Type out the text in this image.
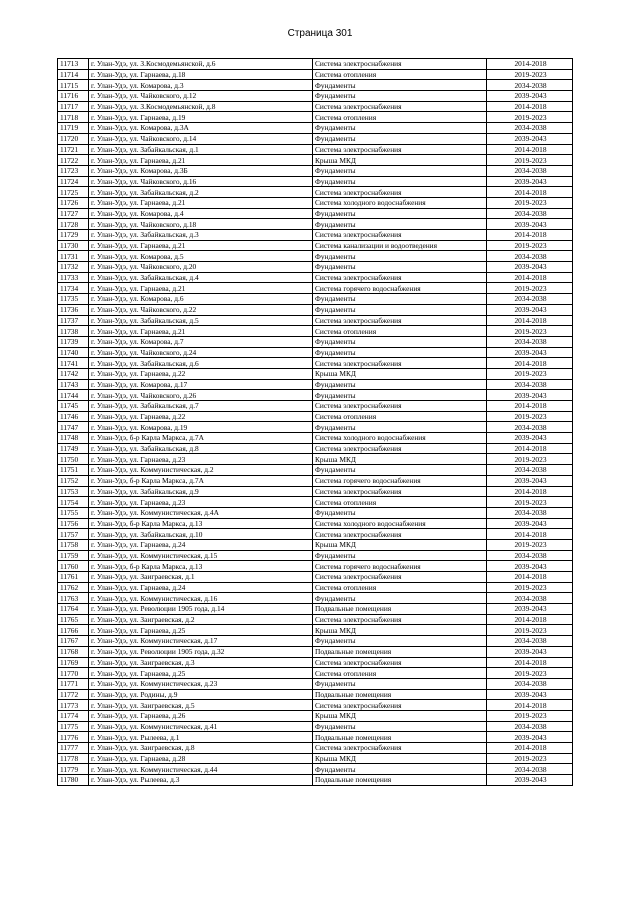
Страница 301
11713	г. Улан-Удэ, ул. З.Космодемьянской, д.6	Система электроснабжения	2014-2018
11714	г. Улан-Удэ, ул. Гарнаева, д.18	Система отопления	2019-2023
11715	г. Улан-Удэ, ул. Комарова, д.3	Фундаменты	2034-2038
11716	г. Улан-Удэ, ул. Чайковского, д.12	Фундаменты	2039-2043
11717	г. Улан-Удэ, ул. З.Космодемьянской, д.8	Система электроснабжения	2014-2018
11718	г. Улан-Удэ, ул. Гарнаева, д.19	Система отопления	2019-2023
11719	г. Улан-Удэ, ул. Комарова, д.3А	Фундаменты	2034-2038
11720	г. Улан-Удэ, ул. Чайковского, д.14	Фундаменты	2039-2043
11721	г. Улан-Удэ, ул. Забайкальская, д.1	Система электроснабжения	2014-2018
11722	г. Улан-Удэ, ул. Гарнаева, д.21	Крыша МКД	2019-2023
11723	г. Улан-Удэ, ул. Комарова, д.3Б	Фундаменты	2034-2038
11724	г. Улан-Удэ, ул. Чайковского, д.16	Фундаменты	2039-2043
11725	г. Улан-Удэ, ул. Забайкальская, д.2	Система электроснабжения	2014-2018
11726	г. Улан-Удэ, ул. Гарнаева, д.21	Система холодного водоснабжения	2019-2023
11727	г. Улан-Удэ, ул. Комарова, д.4	Фундаменты	2034-2038
11728	г. Улан-Удэ, ул. Чайковского, д.18	Фундаменты	2039-2043
11729	г. Улан-Удэ, ул. Забайкальская, д.3	Система электроснабжения	2014-2018
11730	г. Улан-Удэ, ул. Гарнаева, д.21	Система канализации и водоотведения	2019-2023
11731	г. Улан-Удэ, ул. Комарова, д.5	Фундаменты	2034-2038
11732	г. Улан-Удэ, ул. Чайковского, д.20	Фундаменты	2039-2043
11733	г. Улан-Удэ, ул. Забайкальская, д.4	Система электроснабжения	2014-2018
11734	г. Улан-Удэ, ул. Гарнаева, д.21	Система горячего водоснабжения	2019-2023
11735	г. Улан-Удэ, ул. Комарова, д.6	Фундаменты	2034-2038
11736	г. Улан-Удэ, ул. Чайковского, д.22	Фундаменты	2039-2043
11737	г. Улан-Удэ, ул. Забайкальская, д.5	Система электроснабжения	2014-2018
11738	г. Улан-Удэ, ул. Гарнаева, д.21	Система отопления	2019-2023
11739	г. Улан-Удэ, ул. Комарова, д.7	Фундаменты	2034-2038
11740	г. Улан-Удэ, ул. Чайковского, д.24	Фундаменты	2039-2043
11741	г. Улан-Удэ, ул. Забайкальская, д.6	Система электроснабжения	2014-2018
11742	г. Улан-Удэ, ул. Гарнаева, д.22	Крыша МКД	2019-2023
11743	г. Улан-Удэ, ул. Комарова, д.17	Фундаменты	2034-2038
11744	г. Улан-Удэ, ул. Чайковского, д.26	Фундаменты	2039-2043
11745	г. Улан-Удэ, ул. Забайкальская, д.7	Система электроснабжения	2014-2018
11746	г. Улан-Удэ, ул. Гарнаева, д.22	Система отопления	2019-2023
11747	г. Улан-Удэ, ул. Комарова, д.19	Фундаменты	2034-2038
11748	г. Улан-Удэ, б-р Карла Маркса, д.7А	Система холодного водоснабжения	2039-2043
11749	г. Улан-Удэ, ул. Забайкальская, д.8	Система электроснабжения	2014-2018
11750	г. Улан-Удэ, ул. Гарнаева, д.23	Крыша МКД	2019-2023
11751	г. Улан-Удэ, ул. Коммунистическая, д.2	Фундаменты	2034-2038
11752	г. Улан-Удэ, б-р Карла Маркса, д.7А	Система горячего водоснабжения	2039-2043
11753	г. Улан-Удэ, ул. Забайкальская, д.9	Система электроснабжения	2014-2018
11754	г. Улан-Удэ, ул. Гарнаева, д.23	Система отопления	2019-2023
11755	г. Улан-Удэ, ул. Коммунистическая, д.4А	Фундаменты	2034-2038
11756	г. Улан-Удэ, б-р Карла Маркса, д.13	Система холодного водоснабжения	2039-2043
11757	г. Улан-Удэ, ул. Забайкальская, д.10	Система электроснабжения	2014-2018
11758	г. Улан-Удэ, ул. Гарнаева, д.24	Крыша МКД	2019-2023
11759	г. Улан-Удэ, ул. Коммунистическая, д.15	Фундаменты	2034-2038
11760	г. Улан-Удэ, б-р Карла Маркса, д.13	Система горячего водоснабжения	2039-2043
11761	г. Улан-Удэ, ул. Заиграевская, д.1	Система электроснабжения	2014-2018
11762	г. Улан-Удэ, ул. Гарнаева, д.24	Система отопления	2019-2023
11763	г. Улан-Удэ, ул. Коммунистическая, д.16	Фундаменты	2034-2038
11764	г. Улан-Удэ, ул. Революции 1905 года, д.14	Подвальные помещения	2039-2043
11765	г. Улан-Удэ, ул. Заиграевская, д.2	Система электроснабжения	2014-2018
11766	г. Улан-Удэ, ул. Гарнаева, д.25	Крыша МКД	2019-2023
11767	г. Улан-Удэ, ул. Коммунистическая, д.17	Фундаменты	2034-2038
11768	г. Улан-Удэ, ул. Революции 1905 года, д.32	Подвальные помещения	2039-2043
11769	г. Улан-Удэ, ул. Заиграевская, д.3	Система электроснабжения	2014-2018
11770	г. Улан-Удэ, ул. Гарнаева, д.25	Система отопления	2019-2023
11771	г. Улан-Удэ, ул. Коммунистическая, д.23	Фундаменты	2034-2038
11772	г. Улан-Удэ, ул. Родины, д.9	Подвальные помещения	2039-2043
11773	г. Улан-Удэ, ул. Заиграевская, д.5	Система электроснабжения	2014-2018
11774	г. Улан-Удэ, ул. Гарнаева, д.26	Крыша МКД	2019-2023
11775	г. Улан-Удэ, ул. Коммунистическая, д.41	Фундаменты	2034-2038
11776	г. Улан-Удэ, ул. Рылеева, д.1	Подвальные помещения	2039-2043
11777	г. Улан-Удэ, ул. Заиграевская, д.8	Система электроснабжения	2014-2018
11778	г. Улан-Удэ, ул. Гарнаева, д.28	Крыша МКД	2019-2023
11779	г. Улан-Удэ, ул. Коммунистическая, д.44	Фундаменты	2034-2038
11780	г. Улан-Удэ, ул. Рылеева, д.3	Подвальные помещения	2039-2043
